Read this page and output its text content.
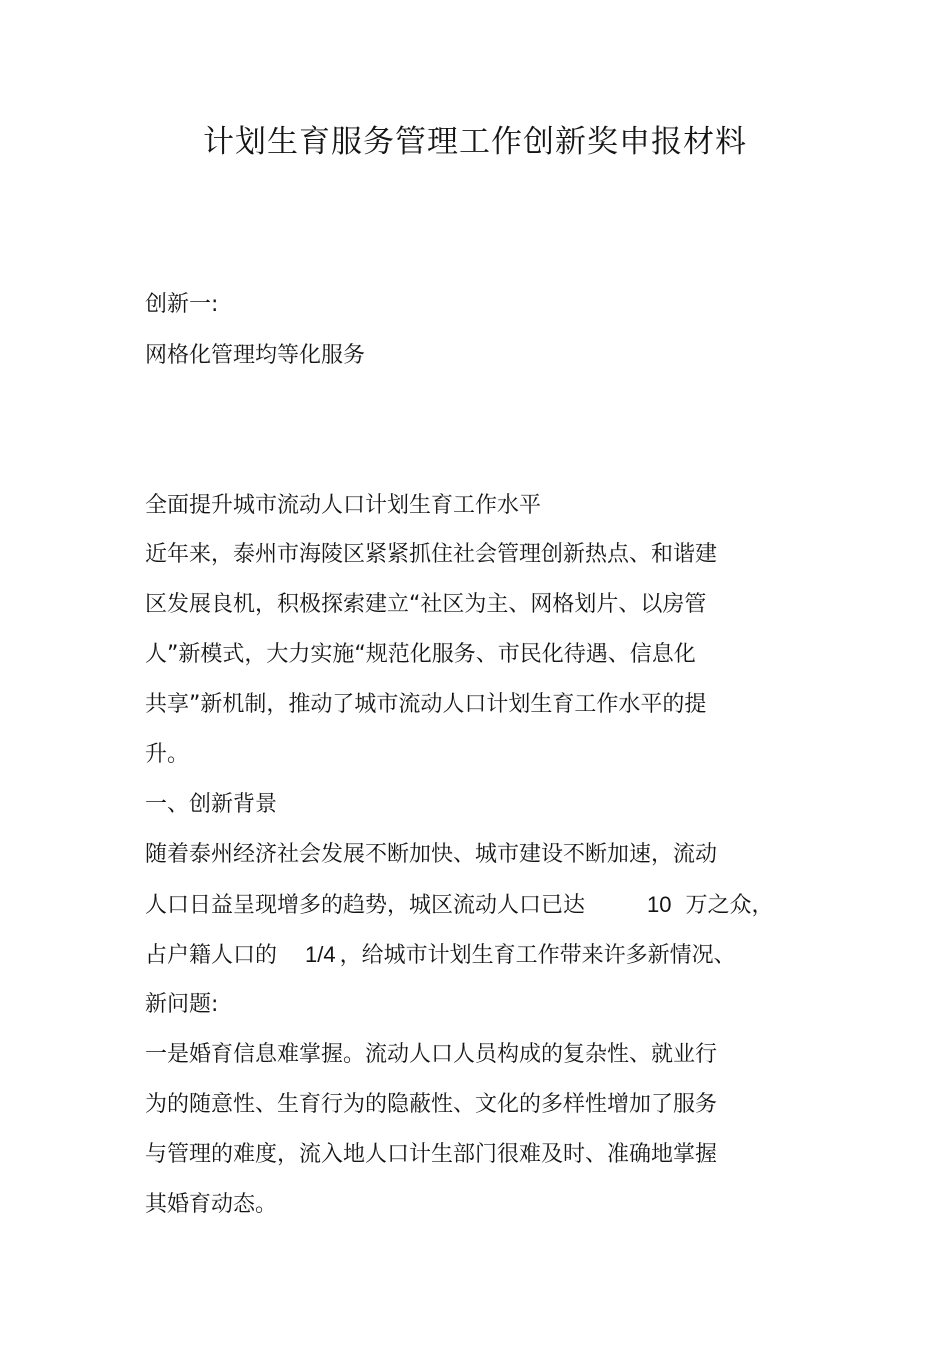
计划生育服务管理工作创新奖申报材料

创新一:

网格化管理均等化服务

全面提升城市流动人口计划生育工作水平

近年来，泰州市海陵区紧紧抓住社会管理创新热点、和谐建

区发展良机，积极探索建立“社区为主、网格划片、以房管

人”新模式，大力实施“规范化服务、市民化待遇、信息化

共享”新机制，推动了城市流动人口计划生育工作水平的提

升。

一、创新背景

随着泰州经济社会发展不断加快、城市建设不断加速，流动

人口日益呈现增多的趋势，城区流动人口已达	10 万之众，

占户籍人口的 1/4 ，给城市计划生育工作带来许多新情况、

新问题:

一是婚育信息难掌握。流动人口人员构成的复杂性、就业行

为的随意性、生育行为的隐蔽性、文化的多样性增加了服务

与管理的难度，流入地人口计生部门很难及时、准确地掌握

其婚育动态。
